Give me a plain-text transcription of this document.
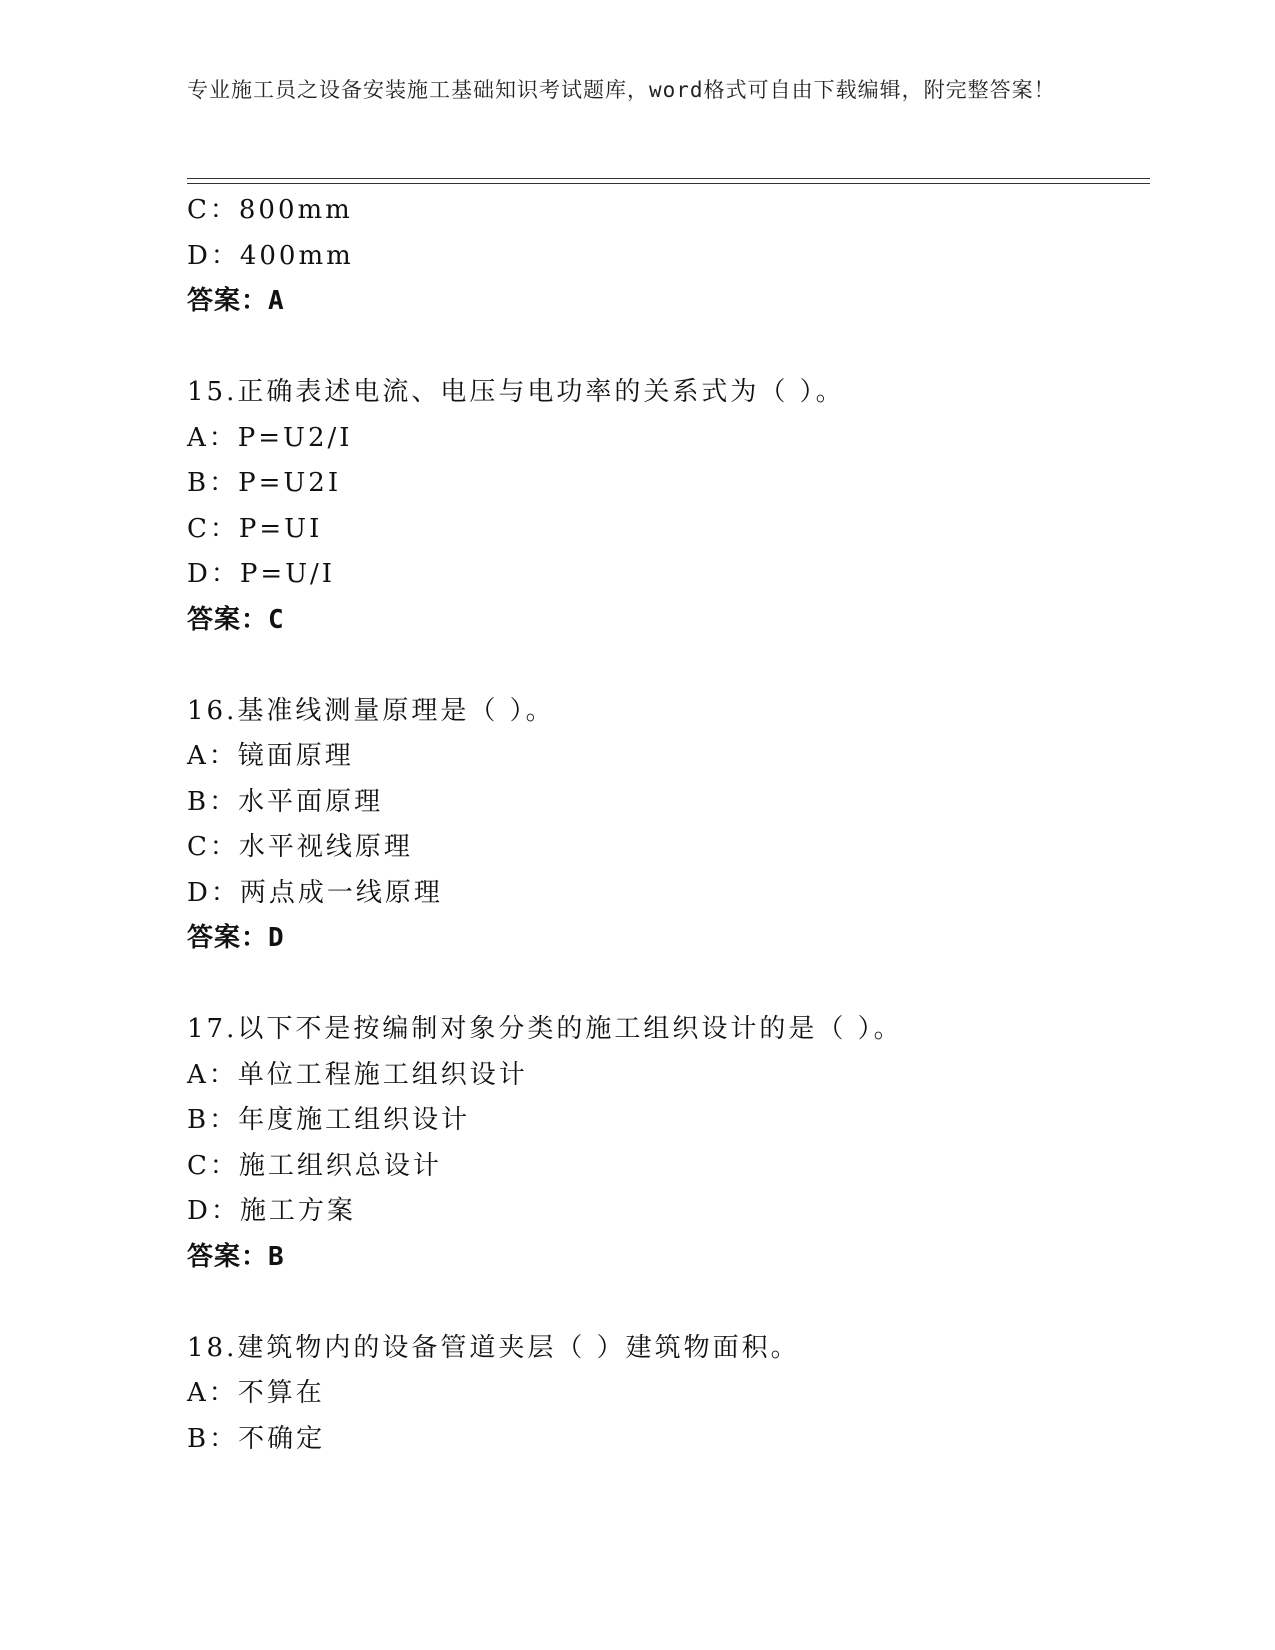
专业施工员之设备安装施工基础知识考试题库，word格式可自由下载编辑，附完整答案！
C：800mm
D：400mm
答案：A
15.正确表述电流、电压与电功率的关系式为（ ）。
A：P=U2/I
B：P=U2I
C：P=UI
D：P=U/I
答案：C
16.基准线测量原理是（ ）。
A：镜面原理
B：水平面原理
C：水平视线原理
D：两点成一线原理
答案：D
17.以下不是按编制对象分类的施工组织设计的是（ ）。
A：单位工程施工组织设计
B：年度施工组织设计
C：施工组织总设计
D：施工方案
答案：B
18.建筑物内的设备管道夹层（ ）建筑物面积。
A：不算在
B：不确定
